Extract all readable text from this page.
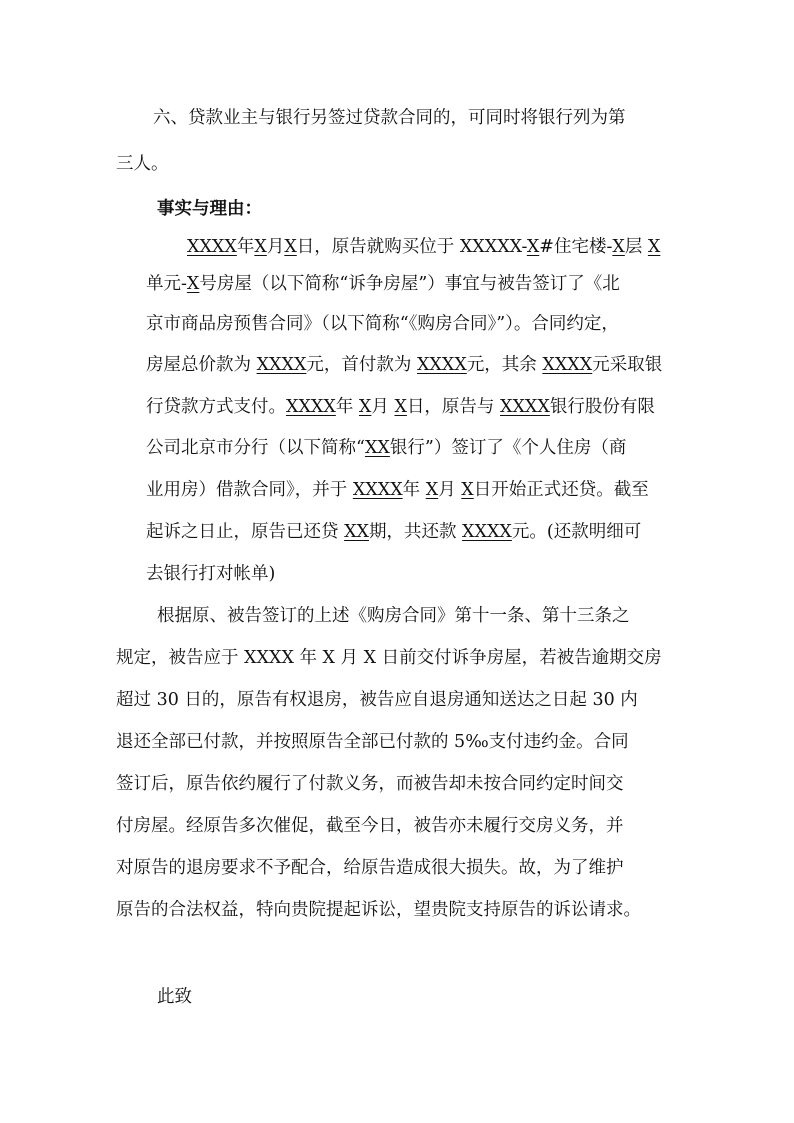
六、贷款业主与银行另签过贷款合同的，可同时将银行列为第
三人。
事实与理由：
XXXX年X月X日，原告就购买位于 XXXXX-X#住宅楼-X层 X
单元-X号房屋（以下简称“诉争房屋”）事宜与被告签订了《北
京市商品房预售合同》（以下简称“《购房合同》”）。合同约定，
房屋总价款为 XXXX元，首付款为 XXXX元，其余 XXXX元采取银
行贷款方式支付。XXXX年 X月 X日，原告与 XXXX银行股份有限
公司北京市分行（以下简称“XX银行”）签订了《个人住房（商
业用房）借款合同》，并于 XXXX年 X月 X日开始正式还贷。截至
起诉之日止，原告已还贷 XX期，共还款 XXXX元。(还款明细可
去银行打对帐单)
根据原、被告签订的上述《购房合同》第十一条、第十三条之
规定，被告应于 XXXX 年 X 月 X 日前交付诉争房屋，若被告逾期交房
超过 30 日的，原告有权退房，被告应自退房通知送达之日起 30 内
退还全部已付款，并按照原告全部已付款的 5‰支付违约金。合同
签订后，原告依约履行了付款义务，而被告却未按合同约定时间交
付房屋。经原告多次催促，截至今日，被告亦未履行交房义务，并
对原告的退房要求不予配合，给原告造成很大损失。故，为了维护
原告的合法权益，特向贵院提起诉讼，望贵院支持原告的诉讼请求。
此致
